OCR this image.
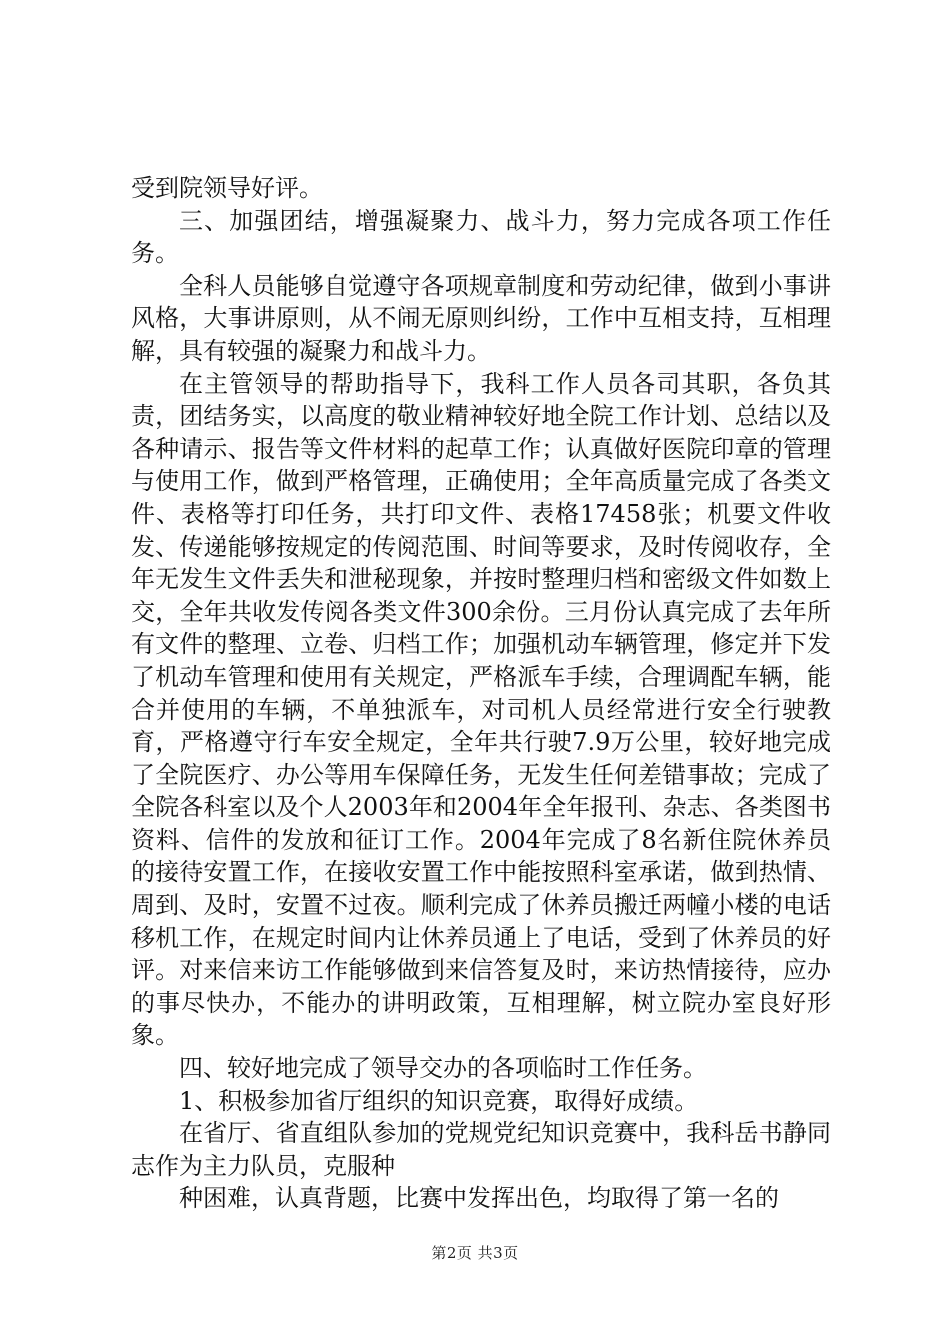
受到院领导好评。

三、加强团结，增强凝聚力、战斗力，努力完成各项工作任务。

全科人员能够自觉遵守各项规章制度和劳动纪律，做到小事讲风格，大事讲原则，从不闹无原则纠纷，工作中互相支持，互相理解，具有较强的凝聚力和战斗力。

在主管领导的帮助指导下，我科工作人员各司其职，各负其责，团结务实，以高度的敬业精神较好地全院工作计划、总结以及各种请示、报告等文件材料的起草工作；认真做好医院印章的管理与使用工作，做到严格管理，正确使用；全年高质量完成了各类文件、表格等打印任务，共打印文件、表格17458张；机要文件收发、传递能够按规定的传阅范围、时间等要求，及时传阅收存，全年无发生文件丢失和泄秘现象，并按时整理归档和密级文件如数上交，全年共收发传阅各类文件300余份。三月份认真完成了去年所有文件的整理、立卷、归档工作；加强机动车辆管理，修定并下发了机动车管理和使用有关规定，严格派车手续，合理调配车辆，能合并使用的车辆，不单独派车，对司机人员经常进行安全行驶教育，严格遵守行车安全规定，全年共行驶7.9万公里，较好地完成了全院医疗、办公等用车保障任务，无发生任何差错事故；完成了全院各科室以及个人2003年和2004年全年报刊、杂志、各类图书资料、信件的发放和征订工作。2004年完成了8名新住院休养员的接待安置工作，在接收安置工作中能按照科室承诺，做到热情、周到、及时，安置不过夜。顺利完成了休养员搬迁两幢小楼的电话移机工作，在规定时间内让休养员通上了电话，受到了休养员的好评。对来信来访工作能够做到来信答复及时，来访热情接待，应办的事尽快办，不能办的讲明政策，互相理解，树立院办室良好形象。

四、较好地完成了领导交办的各项临时工作任务。

1、积极参加省厅组织的知识竞赛，取得好成绩。

在省厅、省直组队参加的党规党纪知识竞赛中，我科岳书静同志作为主力队员，克服种

种困难，认真背题，比赛中发挥出色，均取得了第一名的

第2页 共3页
